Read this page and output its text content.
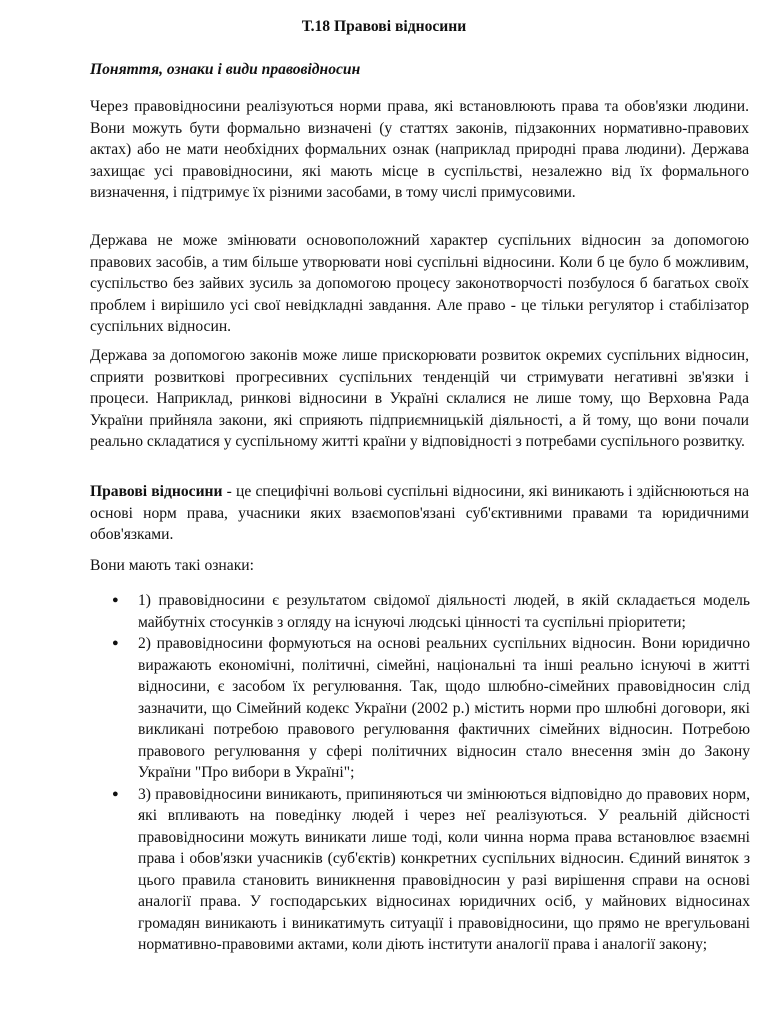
Т.18 Правові відносини
Поняття, ознаки і види правовідносин

Через правовідносини реалізуються норми права, які встановлюють права та обов'язки людини. Вони можуть бути формально визначені (у статтях законів, підзаконних нормативно-правових актах) або не мати необхідних формальних ознак (наприклад природні права людини). Держава захищає усі правовідносини, які мають місце в суспільстві, незалежно від їх формального визначення, і підтримує їх різними засобами, в тому числі примусовими.

Держава не може змінювати основоположний характер суспільних відносин за допомогою правових засобів, а тим більше утворювати нові суспільні відносини. Коли б це було б можливим, суспільство без зайвих зусиль за допомогою процесу законотворчості позбулося б багатьох своїх проблем і вирішило усі свої невідкладні завдання. Але право - це тільки регулятор і стабілізатор суспільних відносин.

Держава за допомогою законів може лише прискорювати розвиток окремих суспільних відносин, сприяти розвиткові прогресивних суспільних тенденцій чи стримувати негативні зв'язки і процеси. Наприклад, ринкові відносини в Україні склалися не лише тому, що Верховна Рада України прийняла закони, які сприяють підприємницькій діяльності, а й тому, що вони почали реально складатися у суспільному житті країни у відповідності з потребами суспільного розвитку.

Правові відносини - це специфічні вольові суспільні відносини, які виникають і здійснюються на основі норм права, учасники яких взаємопов'язані суб'єктивними правами та юридичними обов'язками.

Вони мають такі ознаки:

● 1) правовідносини є результатом свідомої діяльності людей, в якій складається модель майбутніх стосунків з огляду на існуючі людські цінності та суспільні пріоритети;
● 2) правовідносини формуються на основі реальних суспільних відносин. Вони юридично виражають економічні, політичні, сімейні, національні та інші реально існуючі в житті відносини, є засобом їх регулювання. Так, щодо шлюбно-сімейних правовідносин слід зазначити, що Сімейний кодекс України (2002 р.) містить норми про шлюбні договори, які викликані потребою правового регулювання фактичних сімейних відносин. Потребою правового регулювання у сфері політичних відносин стало внесення змін до Закону України "Про вибори в Україні";
● 3) правовідносини виникають, припиняються чи змінюються відповідно до правових норм, які впливають на поведінку людей і через неї реалізуються. У реальній дійсності правовідносини можуть виникати лише тоді, коли чинна норма права встановлює взаємні права і обов'язки учасників (суб'єктів) конкретних суспільних відносин. Єдиний виняток з цього правила становить виникнення правовідносин у разі вирішення справи на основі аналогії права. У господарських відносинах юридичних осіб, у майнових відносинах громадян виникають і виникатимуть ситуації і правовідносини, що прямо не врегульовані нормативно-правовими актами, коли діють інститути аналогії права і аналогії закону;
